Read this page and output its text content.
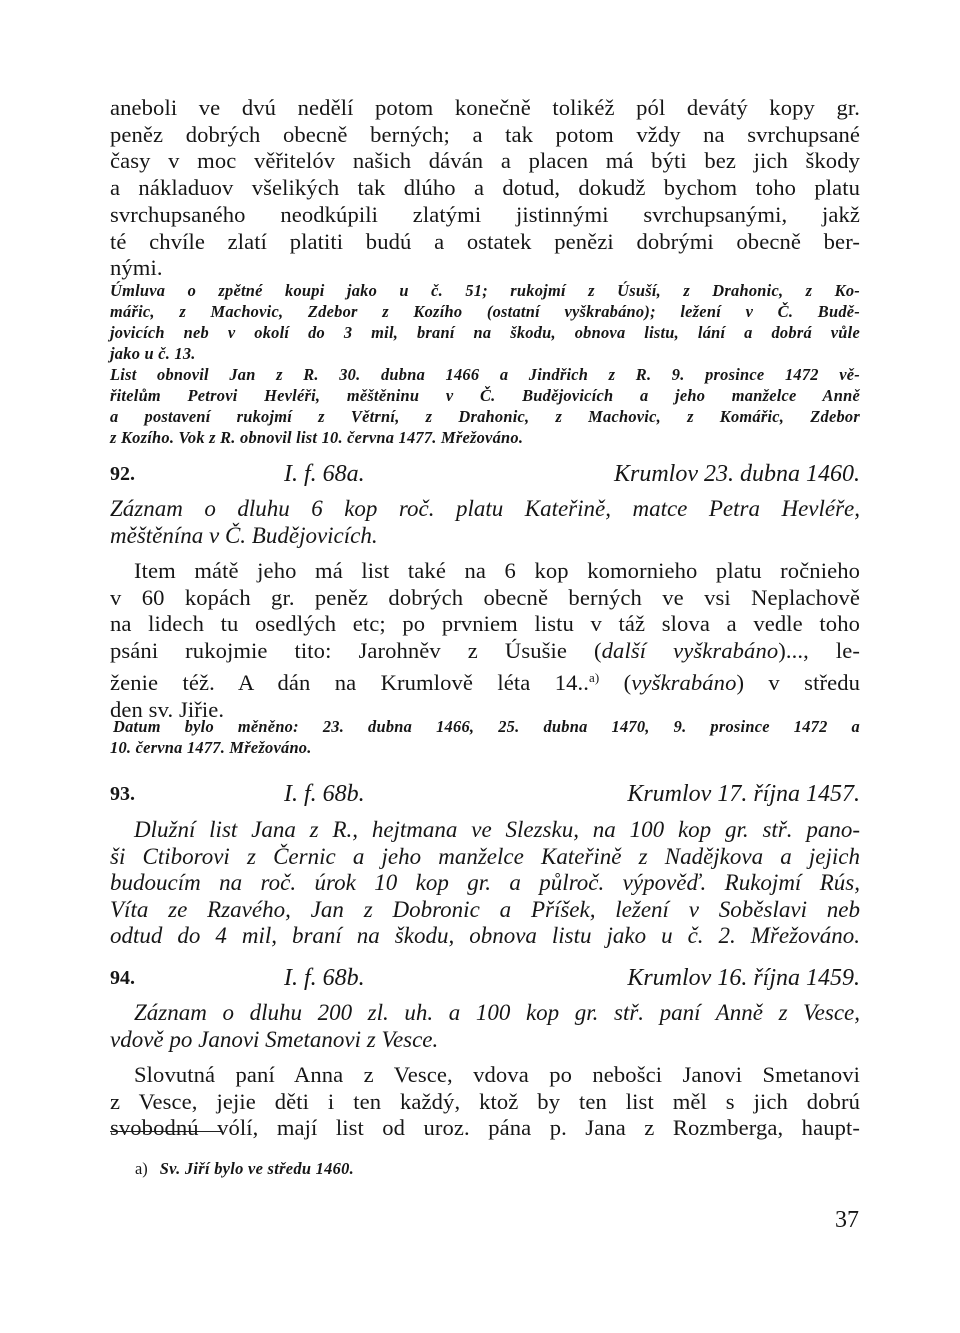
aneboli ve dvú nedělí potom konečně tolikéž pól devátý kopy gr.
peněz dobrých obecně berných; a tak potom vždy na svrchupsané
časy v moc věřitelóv našich dáván a placen má býti bez jich škody
a nákladuov všelikých tak dlúho a dotud, dokudž bychom toho platu
svrchupsaného neodkúpili zlatými jistinnými svrchupsanými, jakž
té chvíle zlatí platiti budú a ostatek penězi dobrými obecně ber-
nými.
Úmluva o zpětné koupi jako u č. 51; rukojmí z Úsuší, z Drahonic, z Ko-
mářic, z Machovic, Zdebor z Kozího (ostatní vyškrabáno); ležení v Č. Budě-
jovicích neb v okolí do 3 mil, braní na škodu, obnova listu, lání a dobrá vůle
jako u č. 13.
List obnovil Jan z R. 30. dubna 1466 a Jindřich z R. 9. prosince 1472 vě-
řitelům Petrovi Hevléři, měštěninu v Č. Budějovicích a jeho manželce Anně
a postavení rukojmí z Větrní, z Drahonic, z Machovic, z Komářic, Zdebor
z Kozího. Vok z R. obnovil list 10. června 1477. Mřežováno.
92.	I. f. 68a.	Krumlov 23. dubna 1460.
Záznam o dluhu 6 kop roč. platu Kateřině, matce Petra Hevléře,
měštěnína v Č. Budějovicích.
Item mátě jeho má list také na 6 kop komornieho platu ročnieho
v 60 kopách gr. peněz dobrých obecně berných ve vsi Neplachově
na lidech tu osedlých etc; po prvniem listu v táž slova a vedle toho
psáni rukojmie tito: Jarohněv z Úsušie (další vyškrabáno)..., le-
ženie též. A dán na Krumlově léta 14..$^{a)}$ (vyškrabáno) v středu
den sv. Jiřie.
Datum bylo měněno: 23. dubna 1466, 25. dubna 1470, 9. prosince 1472 a
10. června 1477. Mřežováno.
93.	I. f. 68b.	Krumlov 17. října 1457.
Dlužní list Jana z R., hejtmana ve Slezsku, na 100 kop gr. stř. pano-
ši Ctiborovi z Černic a jeho manželce Kateřině z Nadějkova a jejich
budoucím na roč. úrok 10 kop gr. a půlroč. výpověď. Rukojmí Rús,
Víta ze Rzavého, Jan z Dobronic a Příšek, ležení v Soběslavi neb
odtud do 4 mil, braní na škodu, obnova listu jako u č. 2. Mřežováno.
94.	I. f. 68b.	Krumlov 16. října 1459.
Záznam o dluhu 200 zl. uh. a 100 kop gr. stř. paní Anně z Vesce,
vdově po Janovi Smetanovi z Vesce.
Slovutná paní Anna z Vesce, vdova po nebošci Janovi Smetanovi
z Vesce, jejie děti i ten každý, ktož by ten list měl s jich dobrú
svobodnú vólí, mají list od uroz. pána p. Jana z Rozmberga, haupt-
a) Sv. Jiří bylo ve středu 1460.
37
